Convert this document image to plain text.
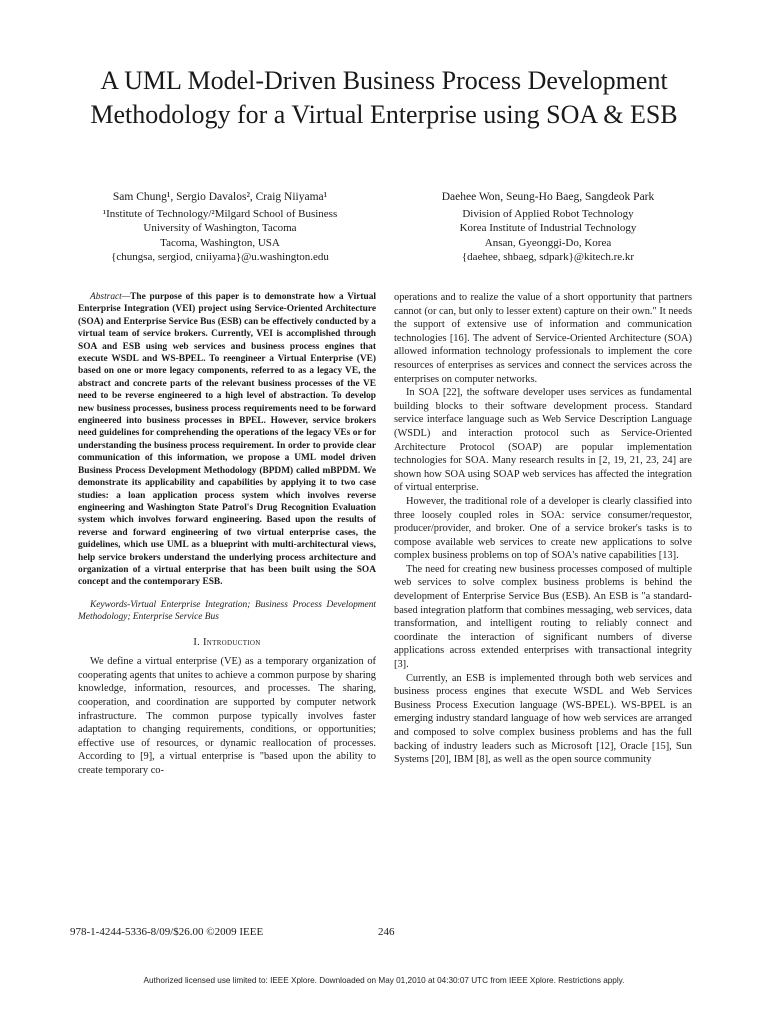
A UML Model-Driven Business Process Development Methodology for a Virtual Enterprise using SOA & ESB
Sam Chung¹, Sergio Davalos², Craig Niiyama¹
¹Institute of Technology/²Milgard School of Business
University of Washington, Tacoma
Tacoma, Washington, USA
{chungsa, sergiod, cniiyama}@u.washington.edu
Daehee Won, Seung-Ho Baeg, Sangdeok Park
Division of Applied Robot Technology
Korea Institute of Industrial Technology
Ansan, Gyeonggi-Do, Korea
{daehee, shbaeg, sdpark}@kitech.re.kr

Abstract—The purpose of this paper is to demonstrate how a Virtual Enterprise Integration (VEI) project using Service-Oriented Architecture (SOA) and Enterprise Service Bus (ESB) can be effectively conducted by a virtual team of service brokers. Currently, VEI is accomplished through SOA and ESB using web services and business process engines that execute WSDL and WS-BPEL. To reengineer a Virtual Enterprise (VE) based on one or more legacy components, referred to as a legacy VE, the abstract and concrete parts of the relevant business processes of the VE need to be reverse engineered to a high level of abstraction. To develop new business processes, business process requirements need to be forward engineered into business processes in BPEL. However, service brokers need guidelines for comprehending the operations of the legacy VEs or for understanding the business process requirement. In order to provide clear communication of this information, we propose a UML model driven Business Process Development Methodology (BPDM) called mBPDM. We demonstrate its applicability and capabilities by applying it to two case studies: a loan application process system which involves reverse engineering and Washington State Patrol's Drug Recognition Evaluation system which involves forward engineering. Based upon the results of reverse and forward engineering of two virtual enterprise cases, the guidelines, which use UML as a blueprint with multi-architectural views, help service brokers understand the underlying process architecture and organization of a virtual enterprise that has been built using the SOA concept and the contemporary ESB.

Keywords-Virtual Enterprise Integration; Business Process Development Methodology; Enterprise Service Bus

I. Introduction

We define a virtual enterprise (VE) as a temporary organization of cooperating agents that unites to achieve a common purpose by sharing knowledge, information, resources, and processes. The sharing, cooperation, and coordination are supported by computer network infrastructure. The common purpose typically involves faster adaptation to changing requirements, conditions, or opportunities; effective use of resources, or dynamic reallocation of processes. According to [9], a virtual enterprise is "based upon the ability to create temporary co-

operations and to realize the value of a short opportunity that partners cannot (or can, but only to lesser extent) capture on their own." It needs the support of extensive use of information and communication technologies [16]. The advent of Service-Oriented Architecture (SOA) allowed information technology professionals to implement the core resources of enterprises as services and connect the services across the enterprises on computer networks.

In SOA [22], the software developer uses services as fundamental building blocks to their software development process. Standard service interface language such as Web Service Description Language (WSDL) and interaction protocol such as Service-Oriented Architecture Protocol (SOAP) are popular implementation technologies for SOA. Many research results in [2, 19, 21, 23, 24] are shown how SOA using SOAP web services has affected the integration of virtual enterprise.

However, the traditional role of a developer is clearly classified into three loosely coupled roles in SOA: service consumer/requestor, producer/provider, and broker. One of a service broker's tasks is to compose available web services to create new applications to solve complex business problems on top of SOA's native capabilities [13].

The need for creating new business processes composed of multiple web services to solve complex business problems is behind the development of Enterprise Service Bus (ESB). An ESB is "a standard-based integration platform that combines messaging, web services, data transformation, and intelligent routing to reliably connect and coordinate the interaction of significant numbers of diverse applications across extended enterprises with transactional integrity [3].

Currently, an ESB is implemented through both web services and business process engines that execute WSDL and Web Services Business Process Execution language (WS-BPEL). WS-BPEL is an emerging industry standard language of how web services are arranged and composed to solve complex business problems and has the full backing of industry leaders such as Microsoft [12], Oracle [15], Sun Systems [20], IBM [8], as well as the open source community

978-1-4244-5336-8/09/$26.00 ©2009 IEEE	246
Authorized licensed use limited to: IEEE Xplore. Downloaded on May 01,2010 at 04:30:07 UTC from IEEE Xplore. Restrictions apply.
